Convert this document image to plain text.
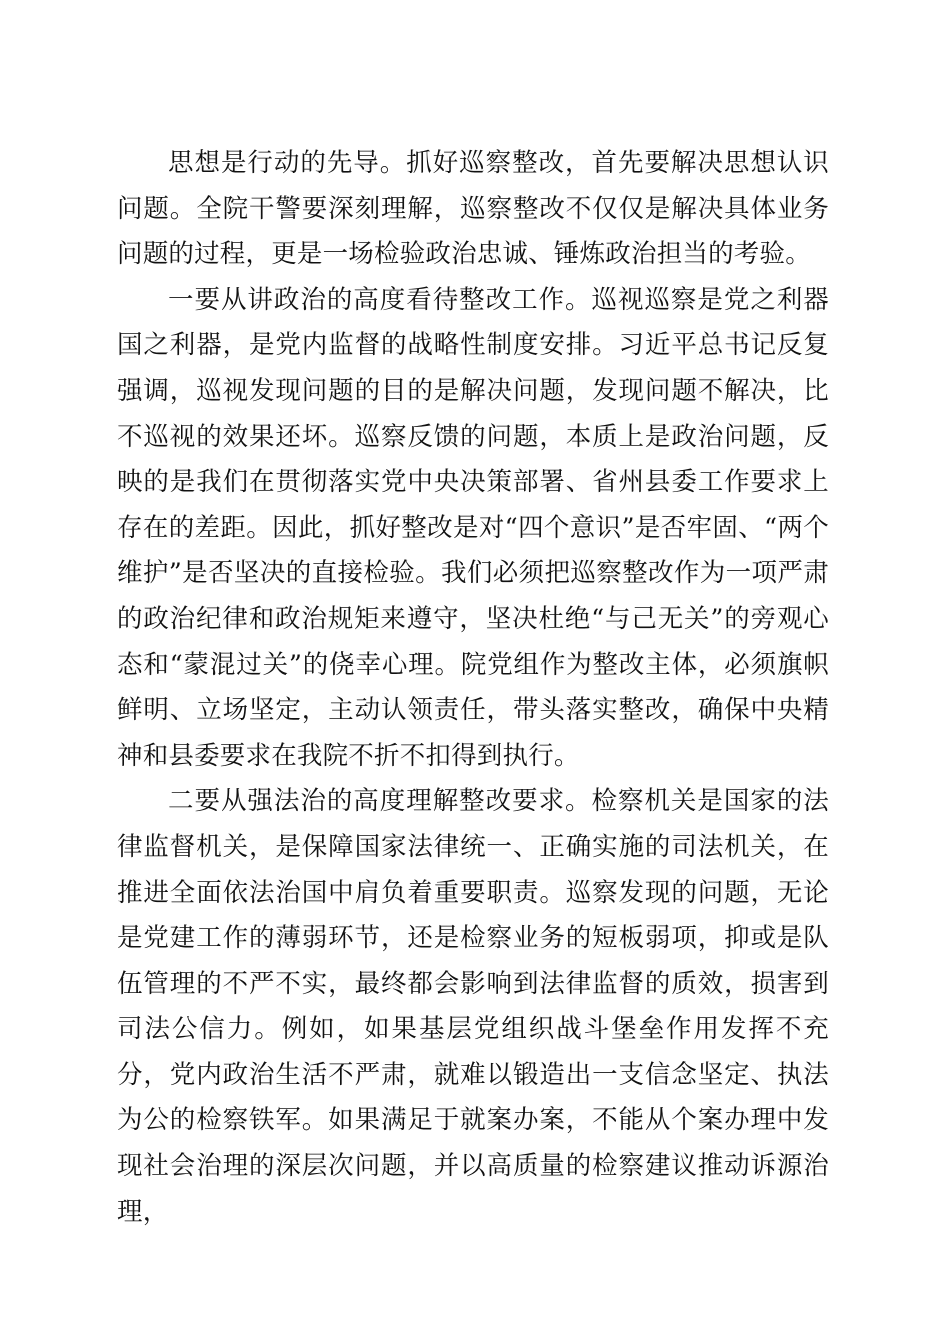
思想是行动的先导。抓好巡察整改，首先要解决思想认识问题。全院干警要深刻理解，巡察整改不仅仅是解决具体业务问题的过程，更是一场检验政治忠诚、锤炼政治担当的考验。

一要从讲政治的高度看待整改工作。巡视巡察是党之利器国之利器，是党内监督的战略性制度安排。习近平总书记反复强调，巡视发现问题的目的是解决问题，发现问题不解决，比不巡视的效果还坏。巡察反馈的问题，本质上是政治问题，反映的是我们在贯彻落实党中央决策部署、省州县委工作要求上存在的差距。因此，抓好整改是对“四个意识”是否牢固、“两个维护”是否坚决的直接检验。我们必须把巡察整改作为一项严肃的政治纪律和政治规矩来遵守，坚决杜绝“与己无关”的旁观心态和“蒙混过关”的侥幸心理。院党组作为整改主体，必须旗帜鲜明、立场坚定，主动认领责任，带头落实整改，确保中央精神和县委要求在我院不折不扣得到执行。

二要从强法治的高度理解整改要求。检察机关是国家的法律监督机关，是保障国家法律统一、正确实施的司法机关，在推进全面依法治国中肩负着重要职责。巡察发现的问题，无论是党建工作的薄弱环节，还是检察业务的短板弱项，抑或是队伍管理的不严不实，最终都会影响到法律监督的质效，损害到司法公信力。例如，如果基层党组织战斗堡垒作用发挥不充分，党内政治生活不严肃，就难以锻造出一支信念坚定、执法为公的检察铁军。如果满足于就案办案，不能从个案办理中发现社会治理的深层次问题，并以高质量的检察建议推动诉源治理，
